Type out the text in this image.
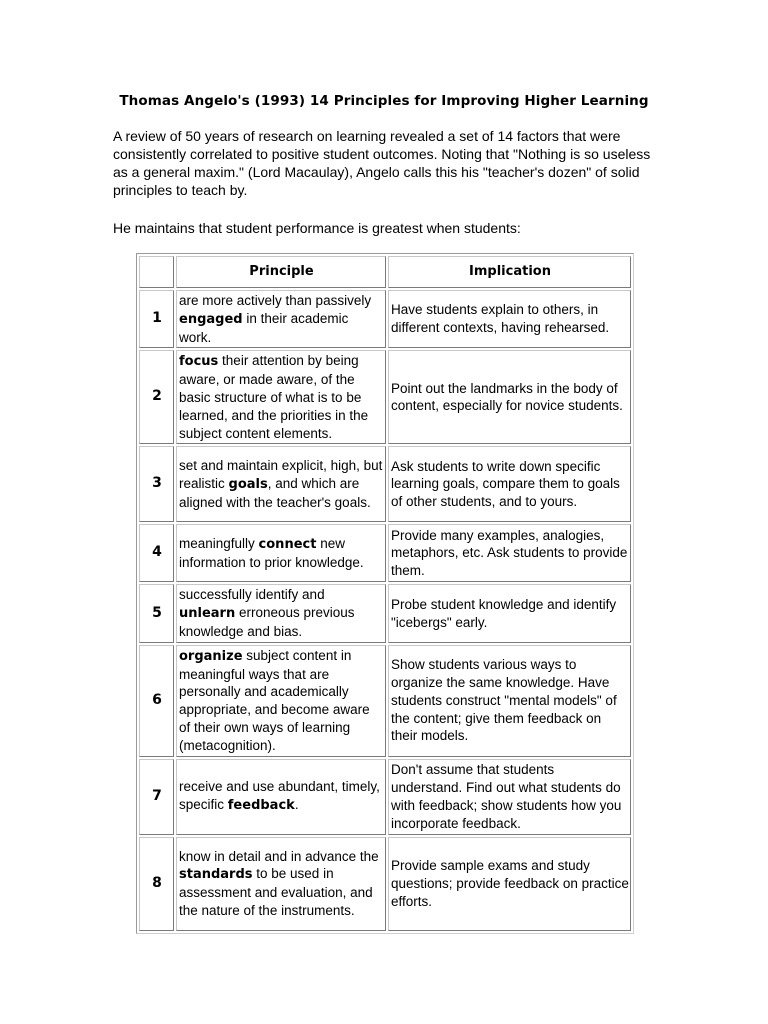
Thomas Angelo's (1993) 14 Principles for Improving Higher Learning
A review of 50 years of research on learning revealed a set of 14 factors that were consistently correlated to positive student outcomes. Noting that "Nothing is so useless as a general maxim." (Lord Macaulay), Angelo calls this his "teacher's dozen" of solid principles to teach by.
He maintains that student performance is greatest when students:
	Principle	Implication
1	are more actively than passively engaged in their academic work.	Have students explain to others, in different contexts, having rehearsed.
2	focus their attention by being aware, or made aware, of the basic structure of what is to be learned, and the priorities in the subject content elements.	Point out the landmarks in the body of content, especially for novice students.
3	set and maintain explicit, high, but realistic goals, and which are aligned with the teacher's goals.	Ask students to write down specific learning goals, compare them to goals of other students, and to yours.
4	meaningfully connect new information to prior knowledge.	Provide many examples, analogies, metaphors, etc. Ask students to provide them.
5	successfully identify and unlearn erroneous previous knowledge and bias.	Probe student knowledge and identify "icebergs" early.
6	organize subject content in meaningful ways that are personally and academically appropriate, and become aware of their own ways of learning (metacognition).	Show students various ways to organize the same knowledge. Have students construct "mental models" of the content; give them feedback on their models.
7	receive and use abundant, timely, specific feedback.	Don't assume that students understand. Find out what students do with feedback; show students how you incorporate feedback.
8	know in detail and in advance the standards to be used in assessment and evaluation, and the nature of the instruments.	Provide sample exams and study questions; provide feedback on practice efforts.
